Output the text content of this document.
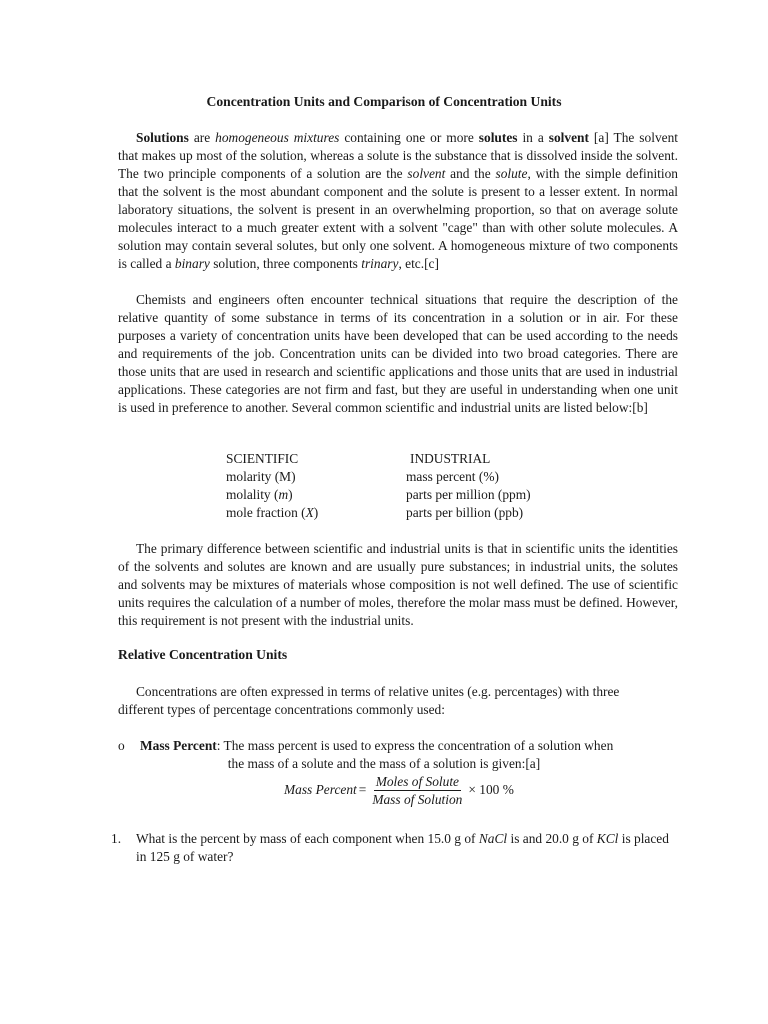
Concentration Units and Comparison of Concentration Units

Solutions are homogeneous mixtures containing one or more solutes in a solvent [a] The solvent that makes up most of the solution, whereas a solute is the substance that is dissolved inside the solvent. The two principle components of a solution are the solvent and the solute, with the simple definition that the solvent is the most abundant component and the solute is present to a lesser extent. In normal laboratory situations, the solvent is present in an overwhelming proportion, so that on average solute molecules interact to a much greater extent with a solvent "cage" than with other solute molecules. A solution may contain several solutes, but only one solvent. A homogeneous mixture of two components is called a binary solution, three components trinary, etc.[c]

Chemists and engineers often encounter technical situations that require the description of the relative quantity of some substance in terms of its concentration in a solution or in air. For these purposes a variety of concentration units have been developed that can be used according to the needs and requirements of the job. Concentration units can be divided into two broad categories. There are those units that are used in research and scientific applications and those units that are used in industrial applications. These categories are not firm and fast, but they are useful in understanding when one unit is used in preference to another. Several common scientific and industrial units are listed below:[b]

SCIENTIFIC	INDUSTRIAL
molarity (M)	mass percent (%)
molality (m)	parts per million (ppm)
mole fraction (X)	parts per billion (ppb)

The primary difference between scientific and industrial units is that in scientific units the identities of the solvents and solutes are known and are usually pure substances; in industrial units, the solutes and solvents may be mixtures of materials whose composition is not well defined. The use of scientific units requires the calculation of a number of moles, therefore the molar mass must be defined. However, this requirement is not present with the industrial units.

Relative Concentration Units

Concentrations are often expressed in terms of relative unites (e.g. percentages) with three different types of percentage concentrations commonly used:

o Mass Percent: The mass percent is used to express the concentration of a solution when
the mass of a solute and the mass of a solution is given:[a]
Mass Percent = $\frac{\text{Moles of Solute}}{\text{Mass of Solution}} \times 100$ %
1. What is the percent by mass of each component when 15.0 g of NaCl is and 20.0 g of KCl is placed in 125 g of water?
